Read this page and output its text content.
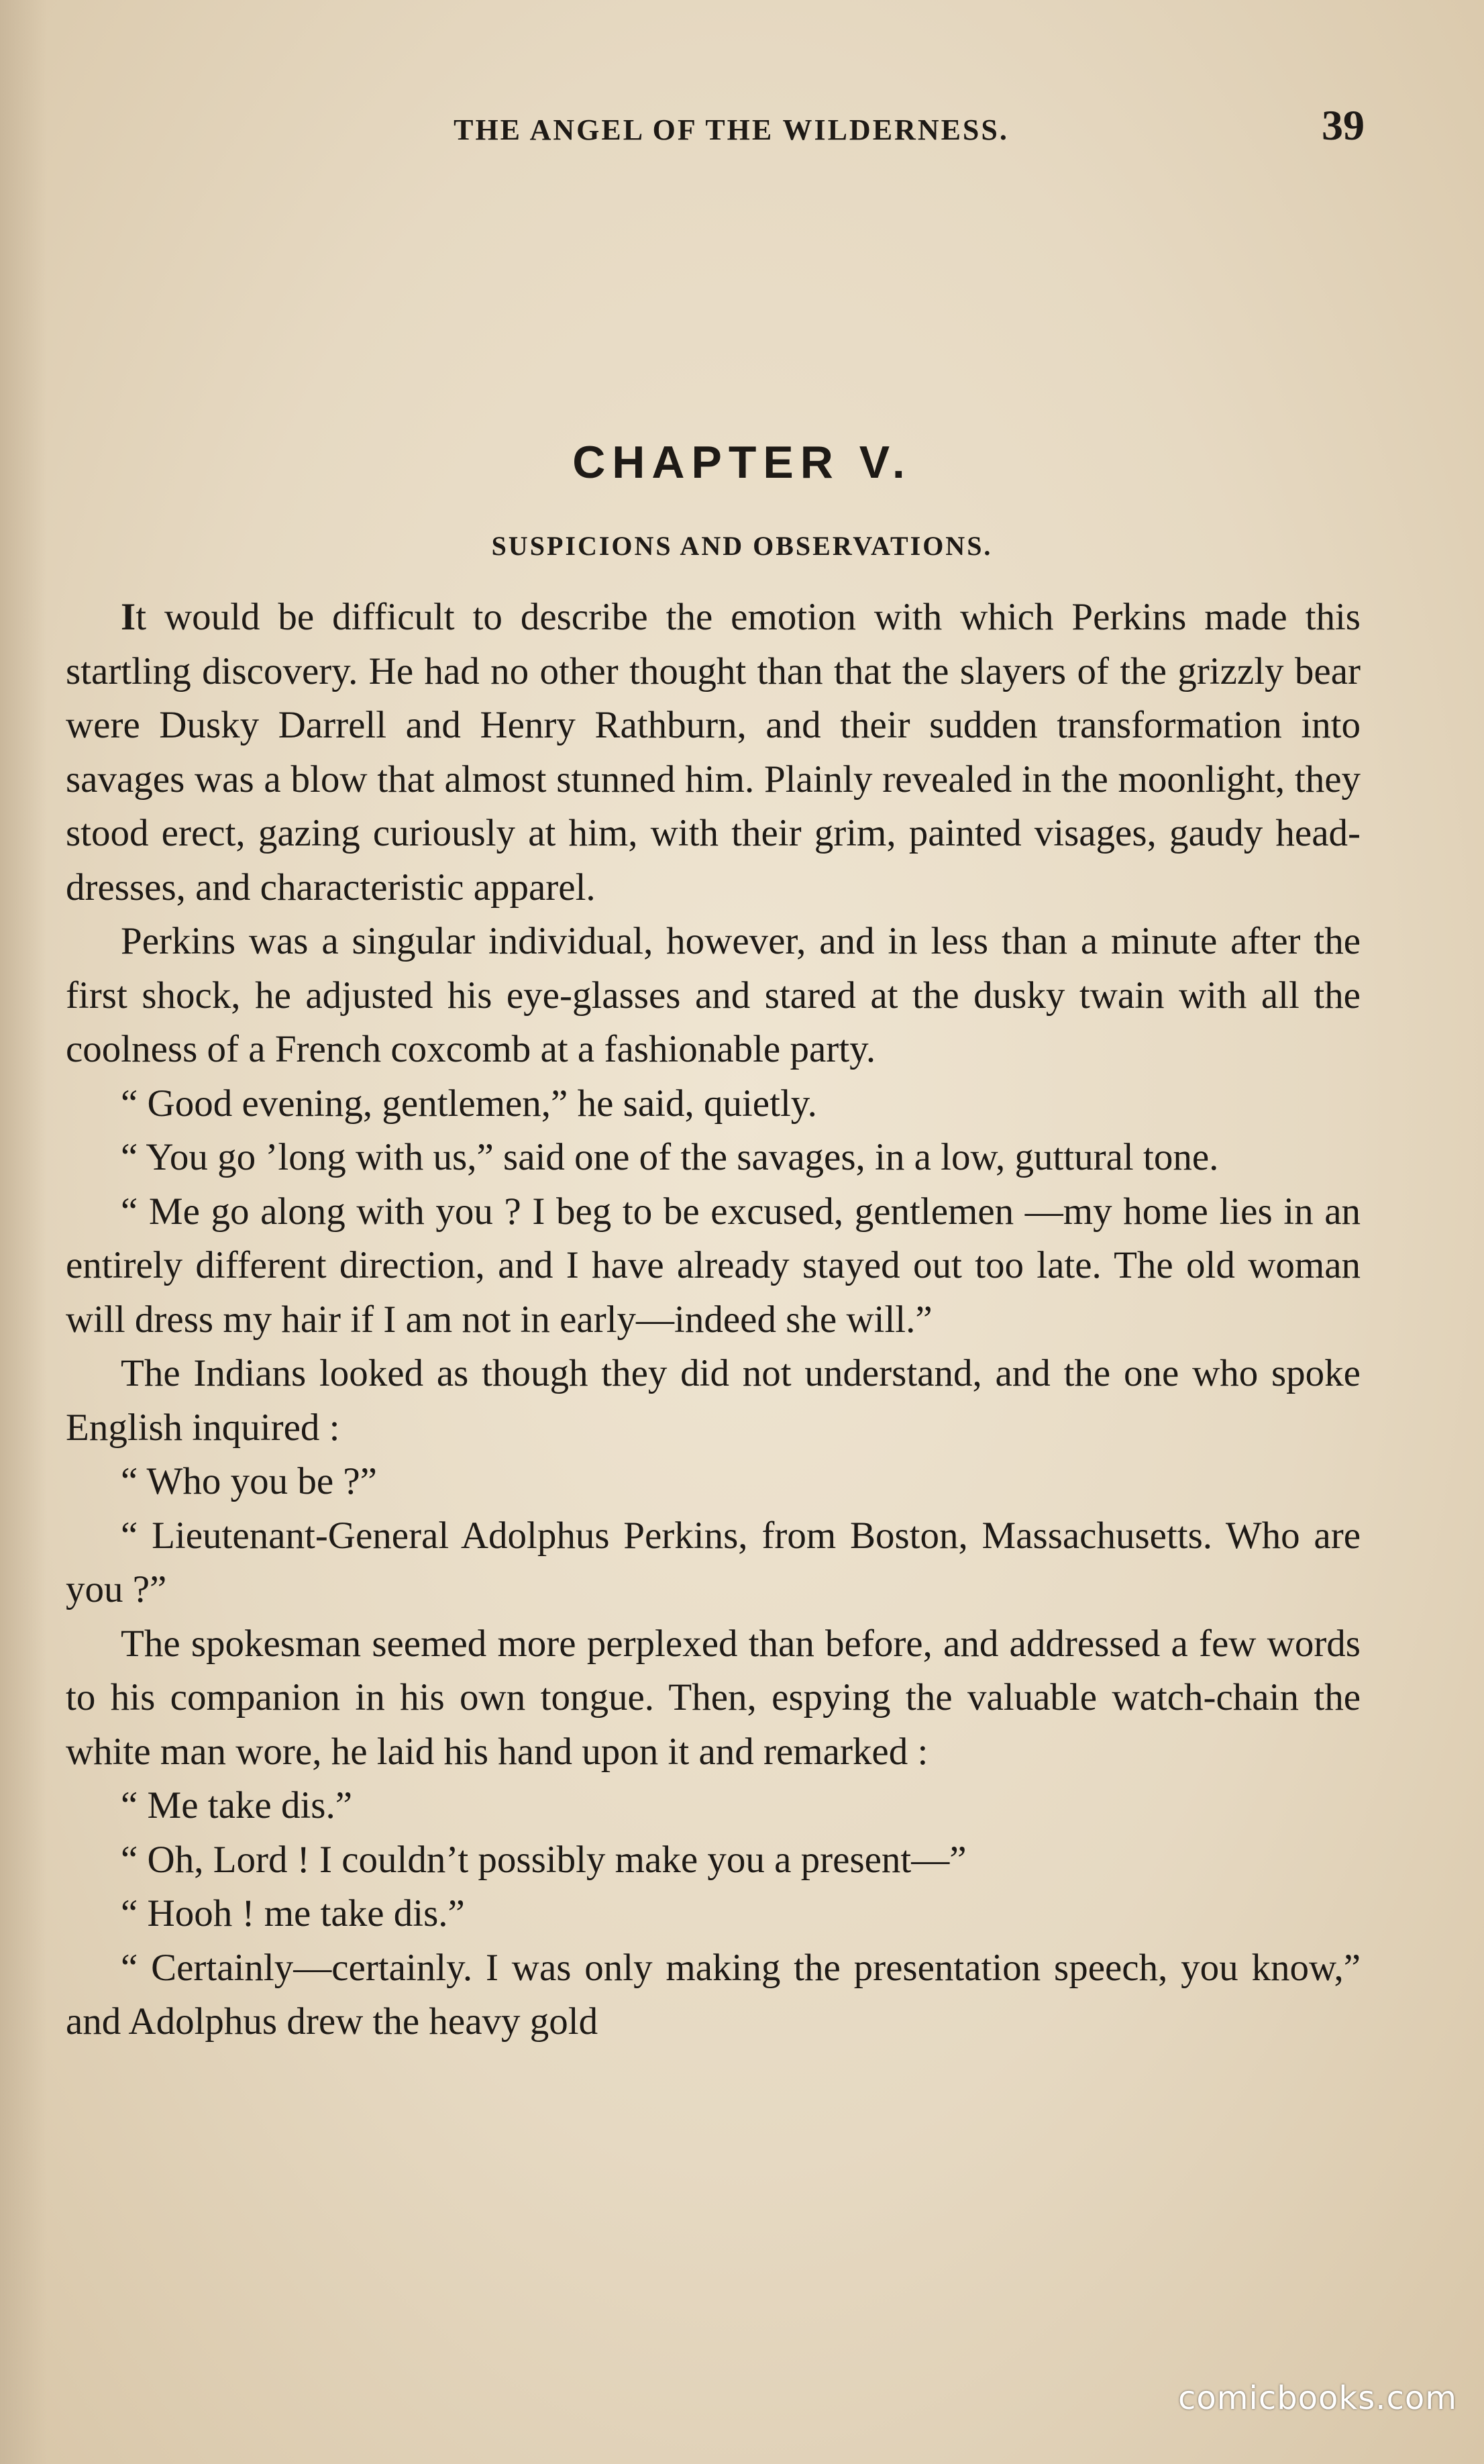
THE ANGEL OF THE WILDERNESS.	39
CHAPTER V.
SUSPICIONS AND OBSERVATIONS.

It would be difficult to describe the emotion with which Perkins made this startling discovery. He had no other thought than that the slayers of the grizzly bear were Dusky Darrell and Henry Rathburn, and their sudden transformation into savages was a blow that almost stunned him. Plainly revealed in the moonlight, they stood erect, gazing curiously at him, with their grim, painted visages, gaudy head-dresses, and characteristic apparel.

Perkins was a singular individual, however, and in less than a minute after the first shock, he adjusted his eye-glasses and stared at the dusky twain with all the coolness of a French coxcomb at a fashionable party.

“ Good evening, gentlemen,” he said, quietly.

“ You go ’long with us,” said one of the savages, in a low, guttural tone.

“ Me go along with you ? I beg to be excused, gentlemen —my home lies in an entirely different direction, and I have already stayed out too late. The old woman will dress my hair if I am not in early—indeed she will.”

The Indians looked as though they did not understand, and the one who spoke English inquired :

“ Who you be ?”

“ Lieutenant-General Adolphus Perkins, from Boston, Massachusetts. Who are you ?”

The spokesman seemed more perplexed than before, and addressed a few words to his companion in his own tongue. Then, espying the valuable watch-chain the white man wore, he laid his hand upon it and remarked :

“ Me take dis.”

“ Oh, Lord ! I couldn’t possibly make you a present—”

“ Hooh ! me take dis.”

“ Certainly—certainly. I was only making the presentation speech, you know,” and Adolphus drew the heavy gold

comicbooks.com
